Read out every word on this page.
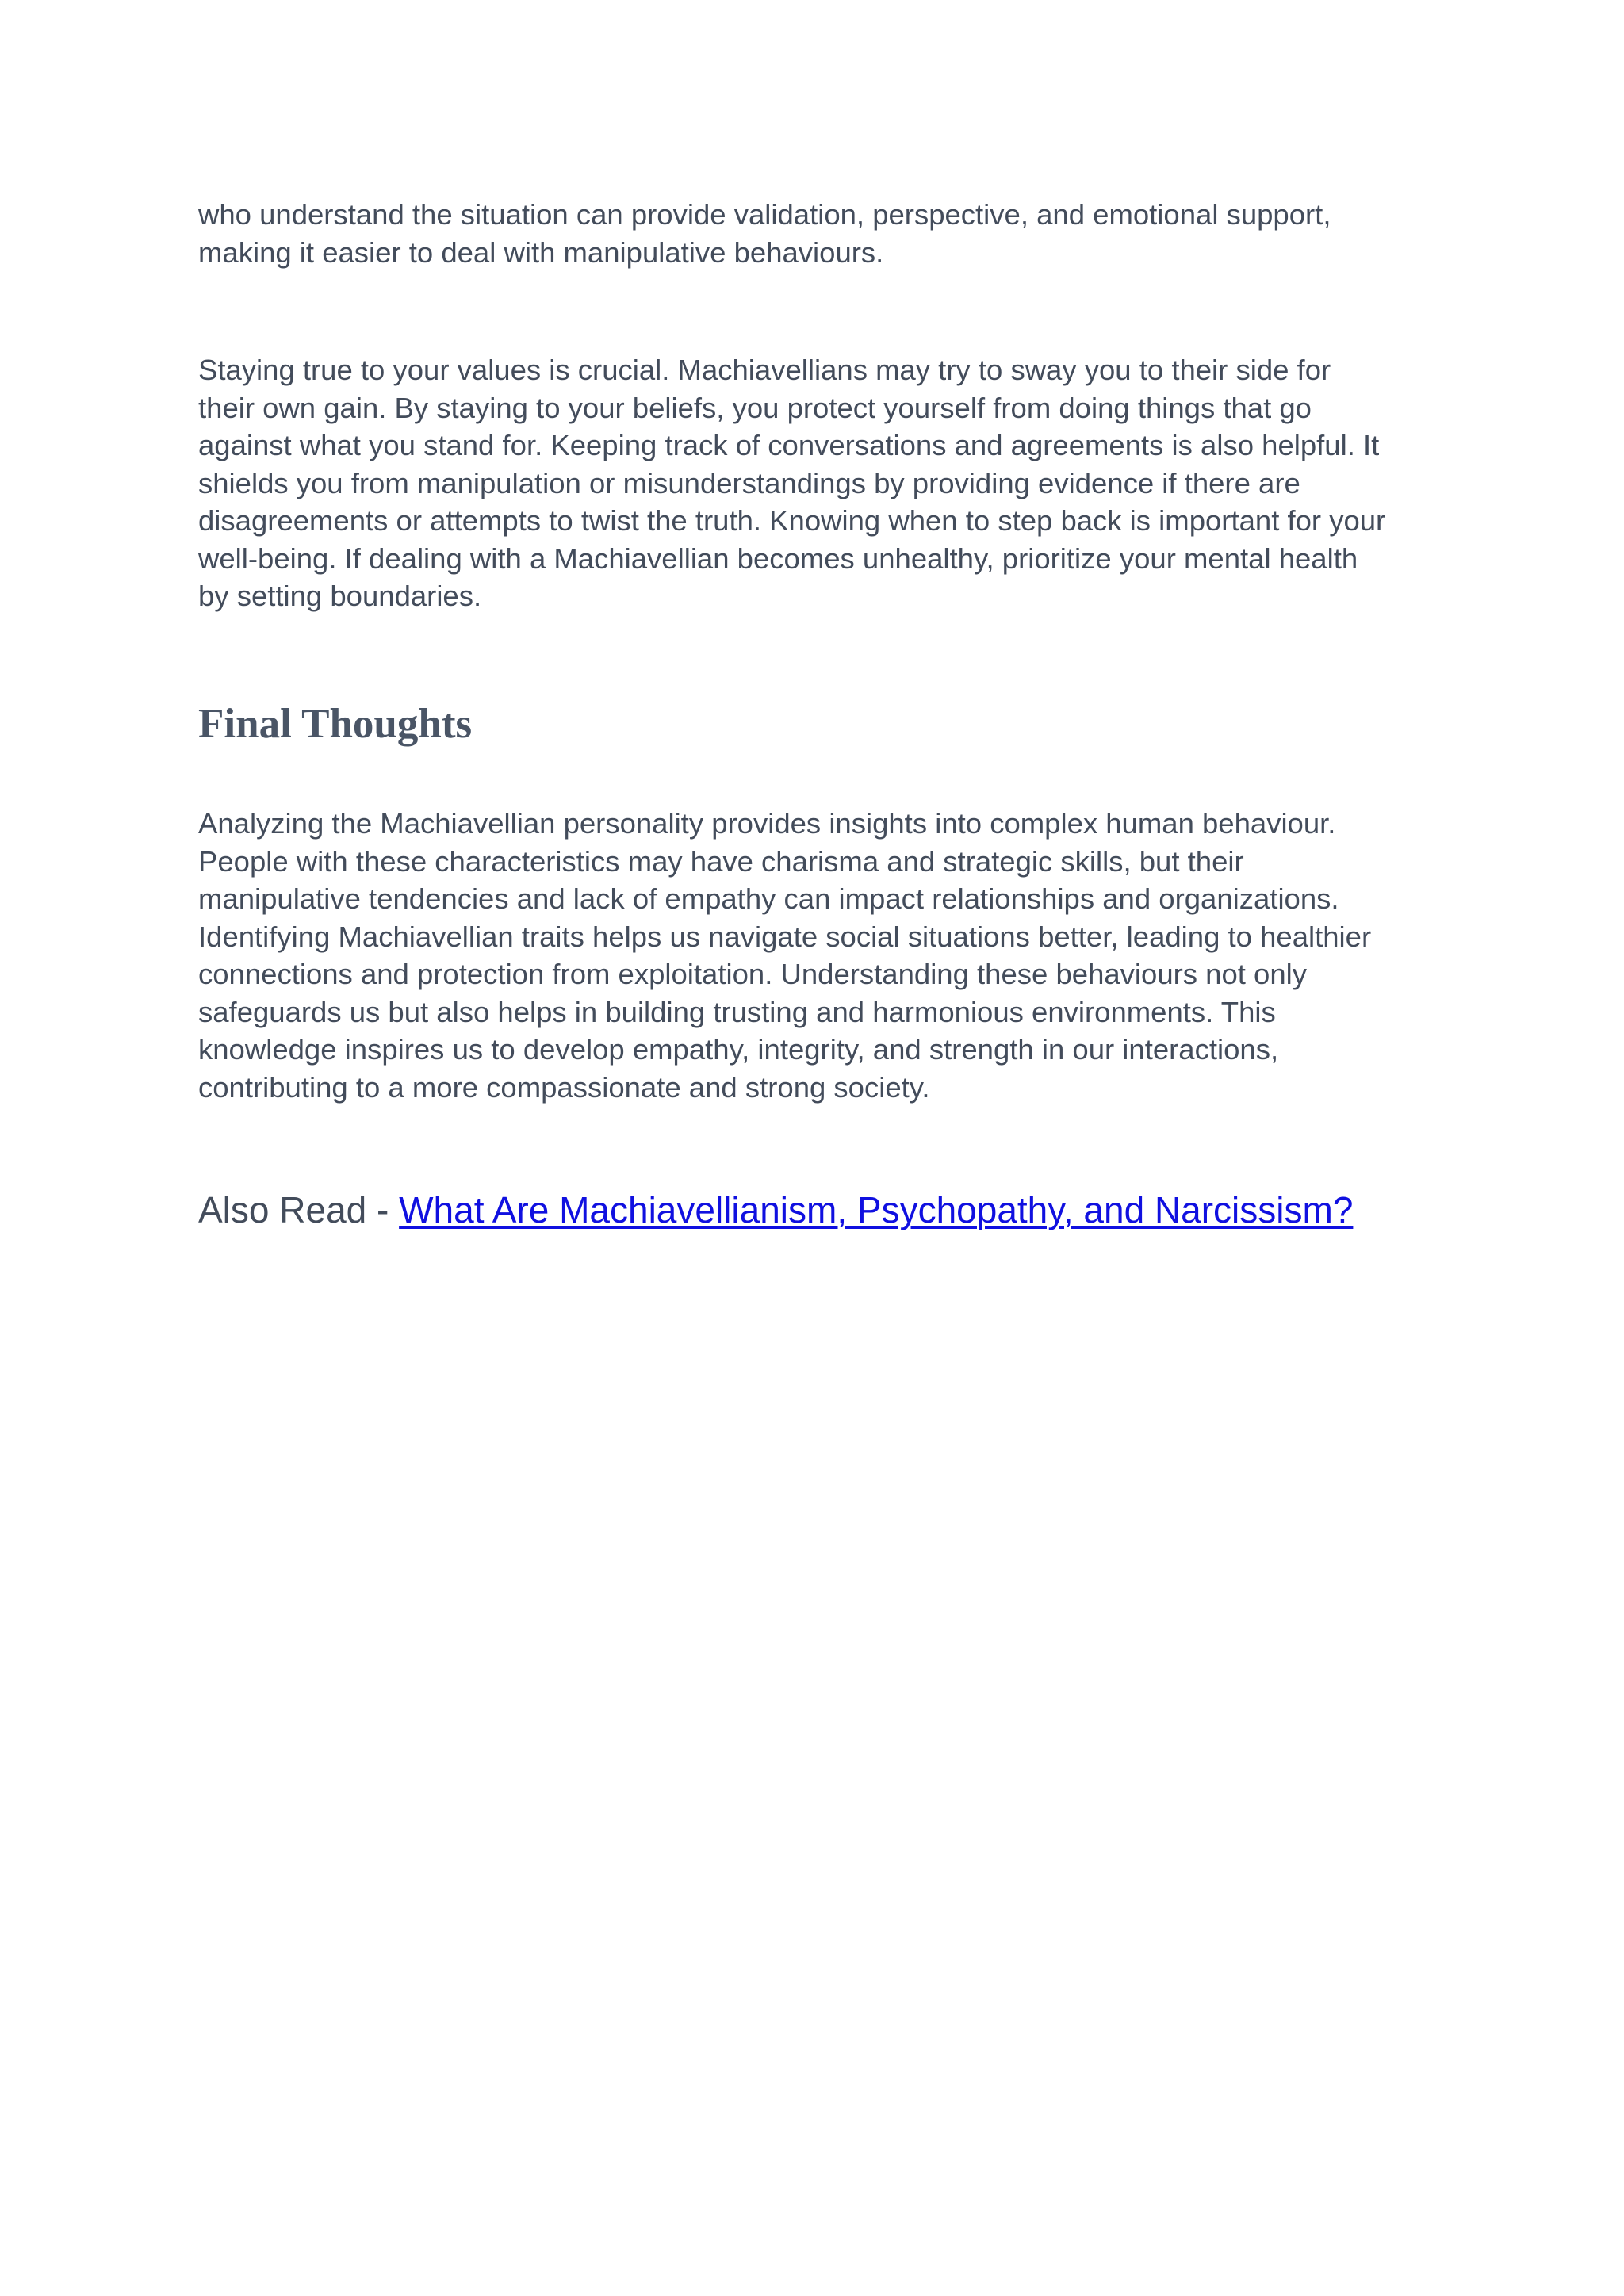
who understand the situation can provide validation, perspective, and emotional support,
making it easier to deal with manipulative behaviours.

Staying true to your values is crucial. Machiavellians may try to sway you to their side for
their own gain. By staying to your beliefs, you protect yourself from doing things that go
against what you stand for. Keeping track of conversations and agreements is also helpful. It
shields you from manipulation or misunderstandings by providing evidence if there are
disagreements or attempts to twist the truth. Knowing when to step back is important for your
well-being. If dealing with a Machiavellian becomes unhealthy, prioritize your mental health
by setting boundaries.

Final Thoughts

Analyzing the Machiavellian personality provides insights into complex human behaviour.
People with these characteristics may have charisma and strategic skills, but their
manipulative tendencies and lack of empathy can impact relationships and organizations.
Identifying Machiavellian traits helps us navigate social situations better, leading to healthier
connections and protection from exploitation. Understanding these behaviours not only
safeguards us but also helps in building trusting and harmonious environments. This
knowledge inspires us to develop empathy, integrity, and strength in our interactions,
contributing to a more compassionate and strong society.

Also Read - What Are Machiavellianism, Psychopathy, and Narcissism?
